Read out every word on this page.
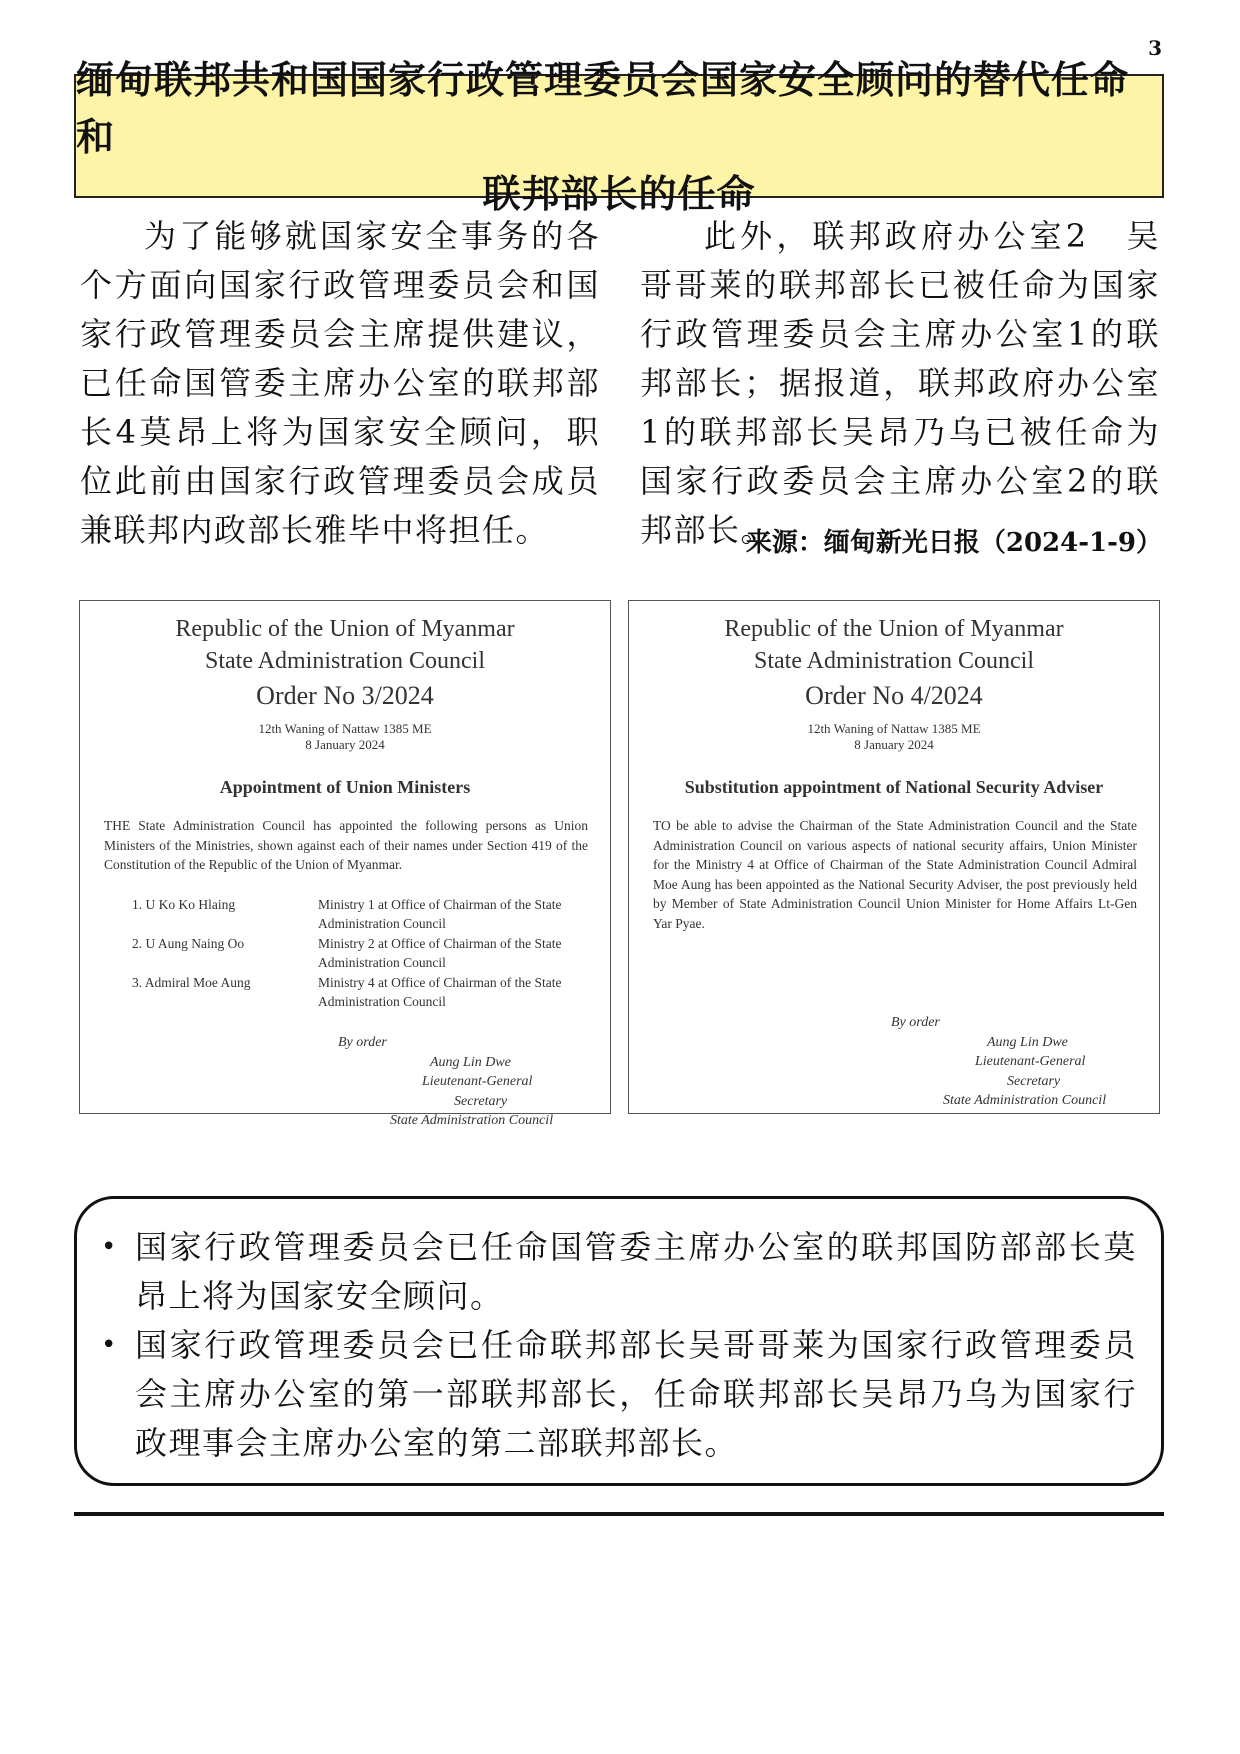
3
缅甸联邦共和国国家行政管理委员会国家安全顾问的替代任命和
联邦部长的任命

为了能够就国家安全事务的各个方面向国家行政管理委员会和国家行政管理委员会主席提供建议，已任命国管委主席办公室的联邦部长4莫昂上将为国家安全顾问，职位此前由国家行政管理委员会成员兼联邦内政部长雅毕中将担任。

此外，联邦政府办公室2　吴哥哥莱的联邦部长已被任命为国家行政管理委员会主席办公室1的联邦部长；据报道，联邦政府办公室1的联邦部长吴昂乃乌已被任命为国家行政委员会主席办公室2的联邦部长。

来源：缅甸新光日报（2024-1-9）
Republic of the Union of Myanmar
State Administration Council
Order No 3/2024
12th Waning of Nattaw 1385 ME
8 January 2024
Appointment of Union Ministers
THE State Administration Council has appointed the following persons as Union Ministers of the Ministries, shown against each of their names under Section 419 of the Constitution of the Republic of the Union of Myanmar.
1. U Ko Ko Hlaing	Ministry 1 at Office of Chairman of the State Administration Council
2. U Aung Naing Oo	Ministry 2 at Office of Chairman of the State Administration Council
3. Admiral Moe Aung	Ministry 4 at Office of Chairman of the State Administration Council
By order
Aung Lin Dwe
Lieutenant-General
Secretary
State Administration Council
Republic of the Union of Myanmar
State Administration Council
Order No 4/2024
12th Waning of Nattaw 1385 ME
8 January 2024
Substitution appointment of National Security Adviser
TO be able to advise the Chairman of the State Administration Council and the State Administration Council on various aspects of national security affairs, Union Minister for the Ministry 4 at Office of Chairman of the State Administration Council Admiral Moe Aung has been appointed as the National Security Adviser, the post previously held by Member of State Administration Council Union Minister for Home Affairs Lt-Gen Yar Pyae.
By order
Aung Lin Dwe
Lieutenant-General
Secretary
State Administration Council
• 国家行政管理委员会已任命国管委主席办公室的联邦国防部部长莫昂上将为国家安全顾问。
• 国家行政管理委员会已任命联邦部长吴哥哥莱为国家行政管理委员会主席办公室的第一部联邦部长，任命联邦部长吴昂乃乌为国家行政理事会主席办公室的第二部联邦部长。
